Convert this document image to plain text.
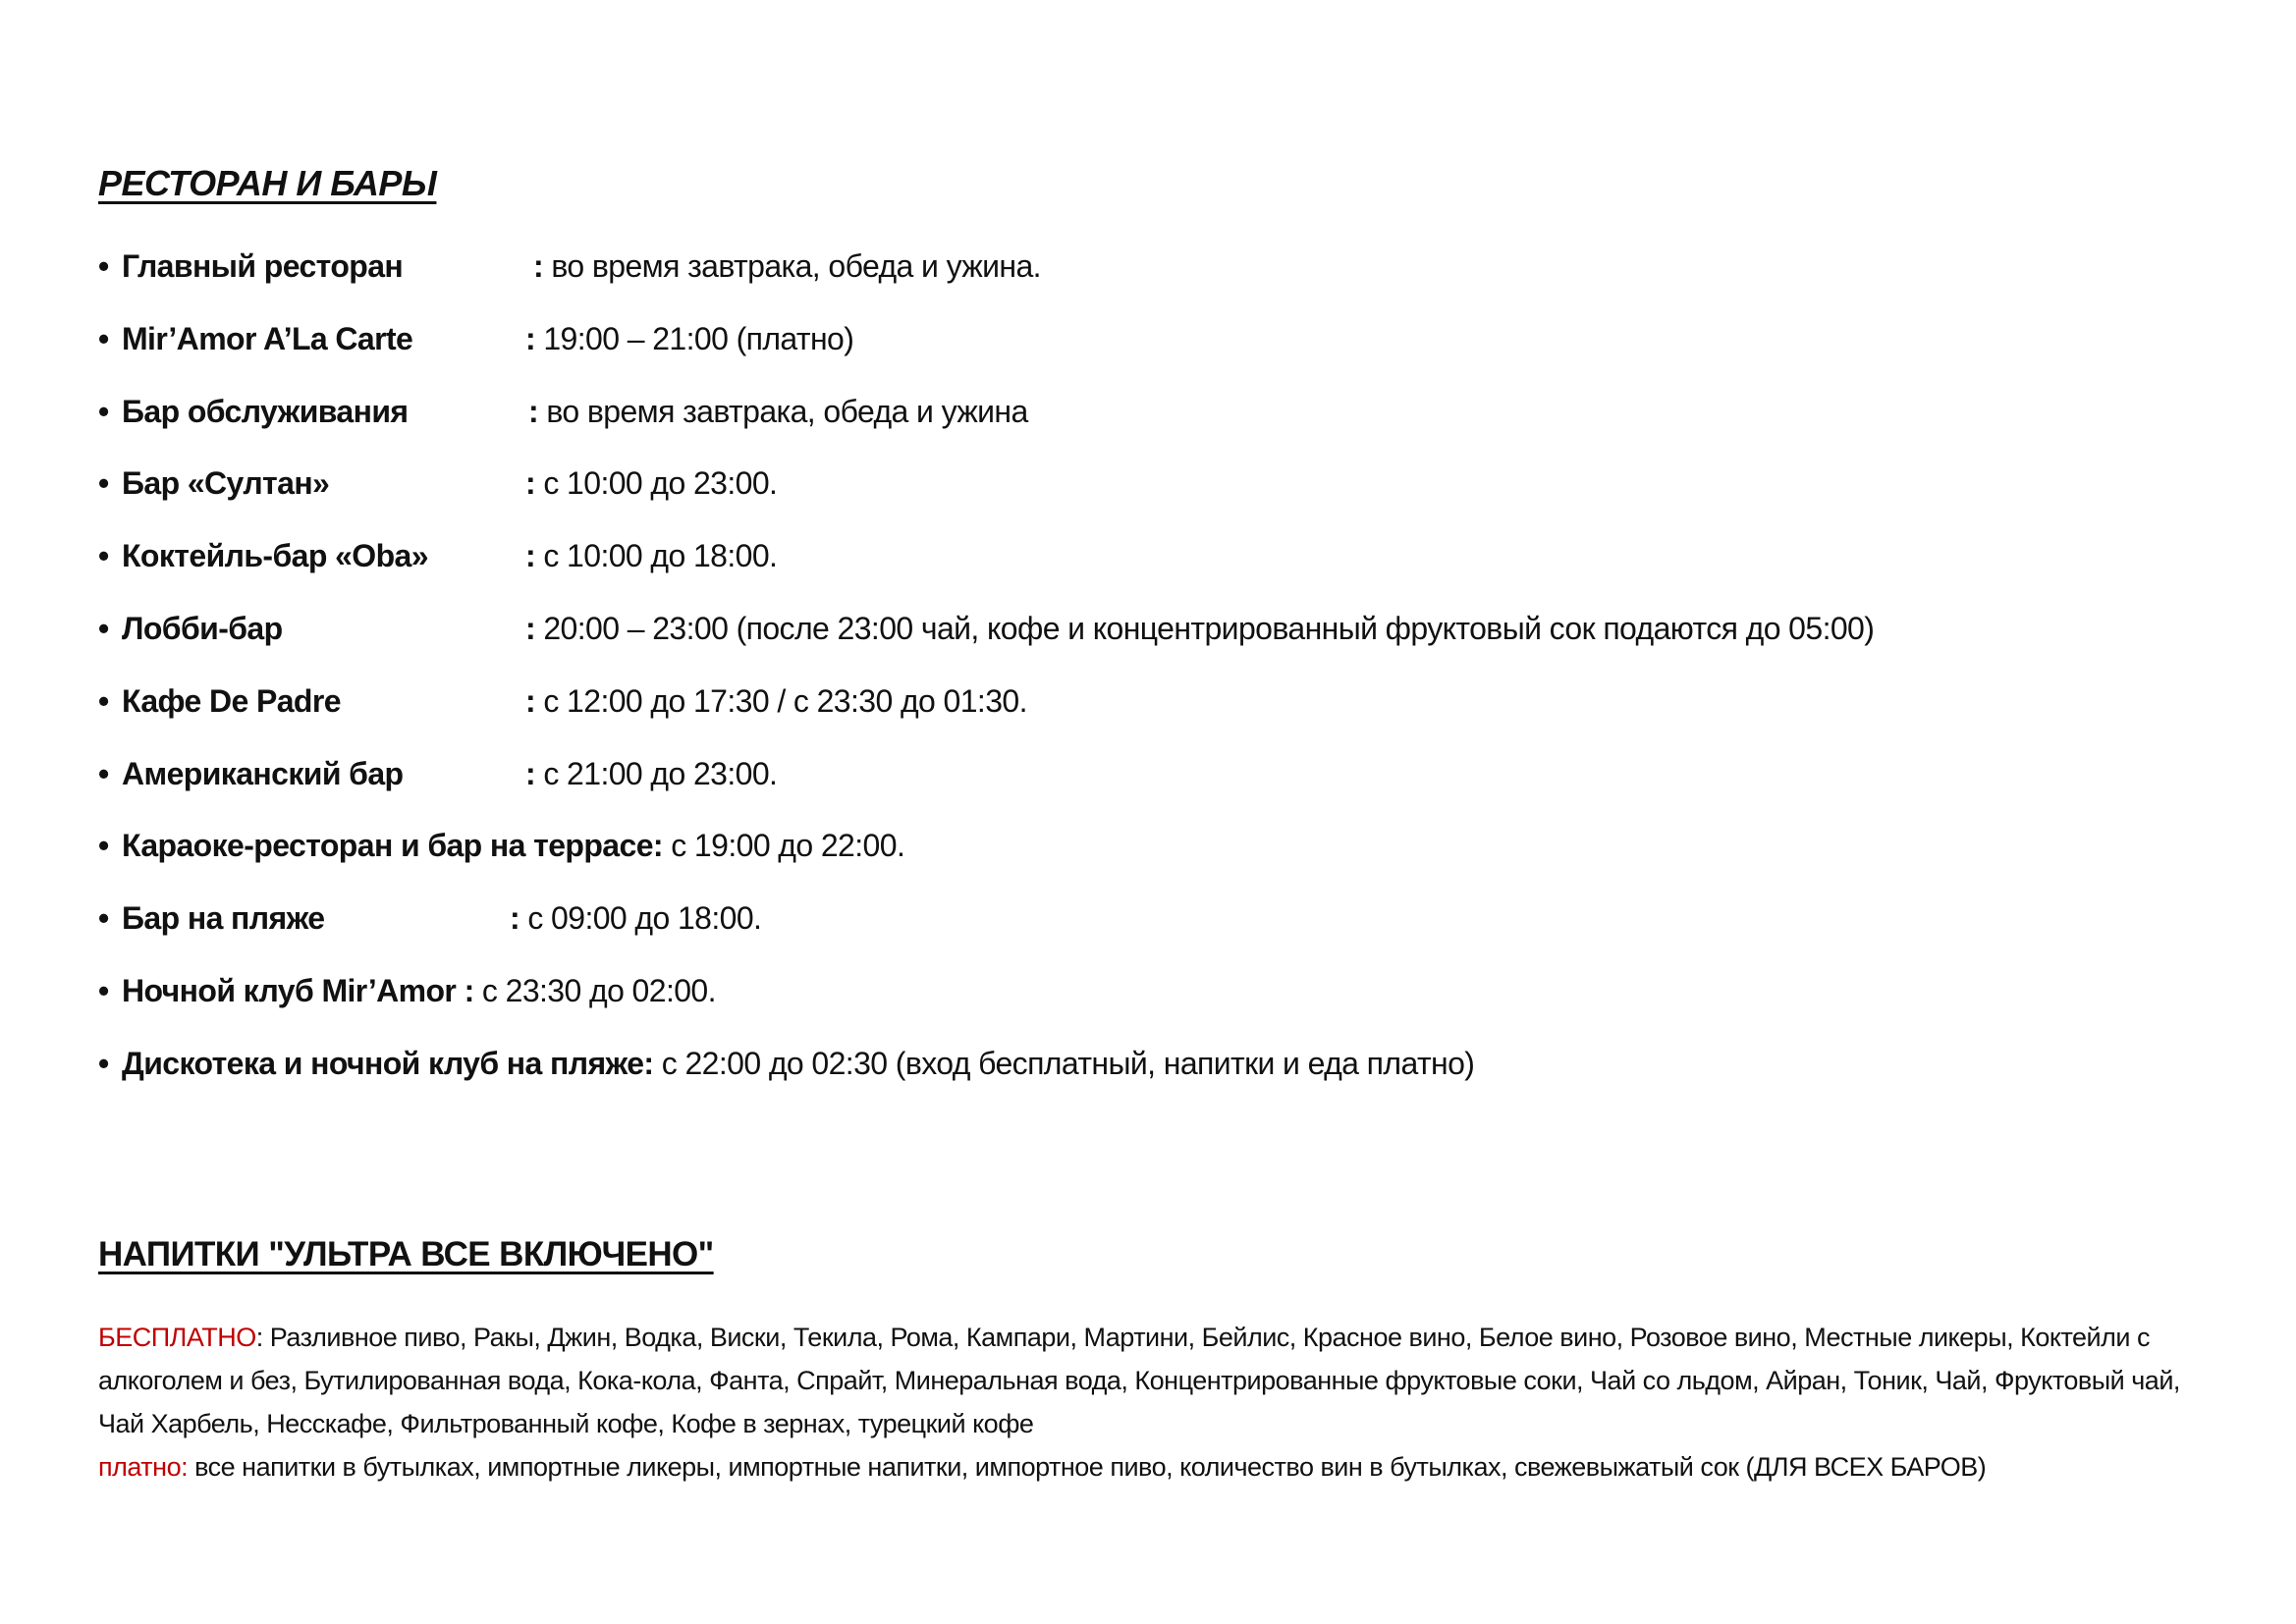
РЕСТОРАН И БАРЫ
• Главный ресторан	: во время завтрака, обеда и ужина.
• Mir’Amor A’La Carte	: 19:00 – 21:00 (платно)
• Бар обслуживания	: во время завтрака, обеда и ужина
• Бар «Султан»	: с 10:00 до 23:00.
• Коктейль-бар «Oba»	: с 10:00 до 18:00.
• Лобби-бар	: 20:00 – 23:00 (после 23:00 чай, кофе и концентрированный фруктовый сок подаются до 05:00)
• Кафе De Padre	: с 12:00 до 17:30 / с 23:30 до 01:30.
• Американский бар	: с 21:00 до 23:00.
• Караоке-ресторан и бар на террасе: с 19:00 до 22:00.
• Бар на пляже	: с 09:00 до 18:00.
• Ночной клуб Mir’Amor : с 23:30 до 02:00.
• Дискотека и ночной клуб на пляже: с 22:00 до 02:30 (вход бесплатный, напитки и еда платно)
НАПИТКИ "УЛЬТРА ВСЕ ВКЛЮЧЕНО"
БЕСПЛАТНО: Разливное пиво, Ракы, Джин, Водка, Виски, Текила, Рома, Кампари, Мартини, Бейлис, Красное вино, Белое вино, Розовое вино, Местные ликеры, Коктейли с алкоголем и без, Бутилированная вода, Кока-кола, Фанта, Спрайт, Минеральная вода, Концентрированные фруктовые соки, Чай со льдом, Айран, Тоник, Чай, Фруктовый чай, Чай Харбель, Несскафе, Фильтрованный кофе, Кофе в зернах, турецкий кофе
платно: все напитки в бутылках, импортные ликеры, импортные напитки, импортное пиво, количество вин в бутылках, свежевыжатый сок (ДЛЯ ВСЕХ БАРОВ)
